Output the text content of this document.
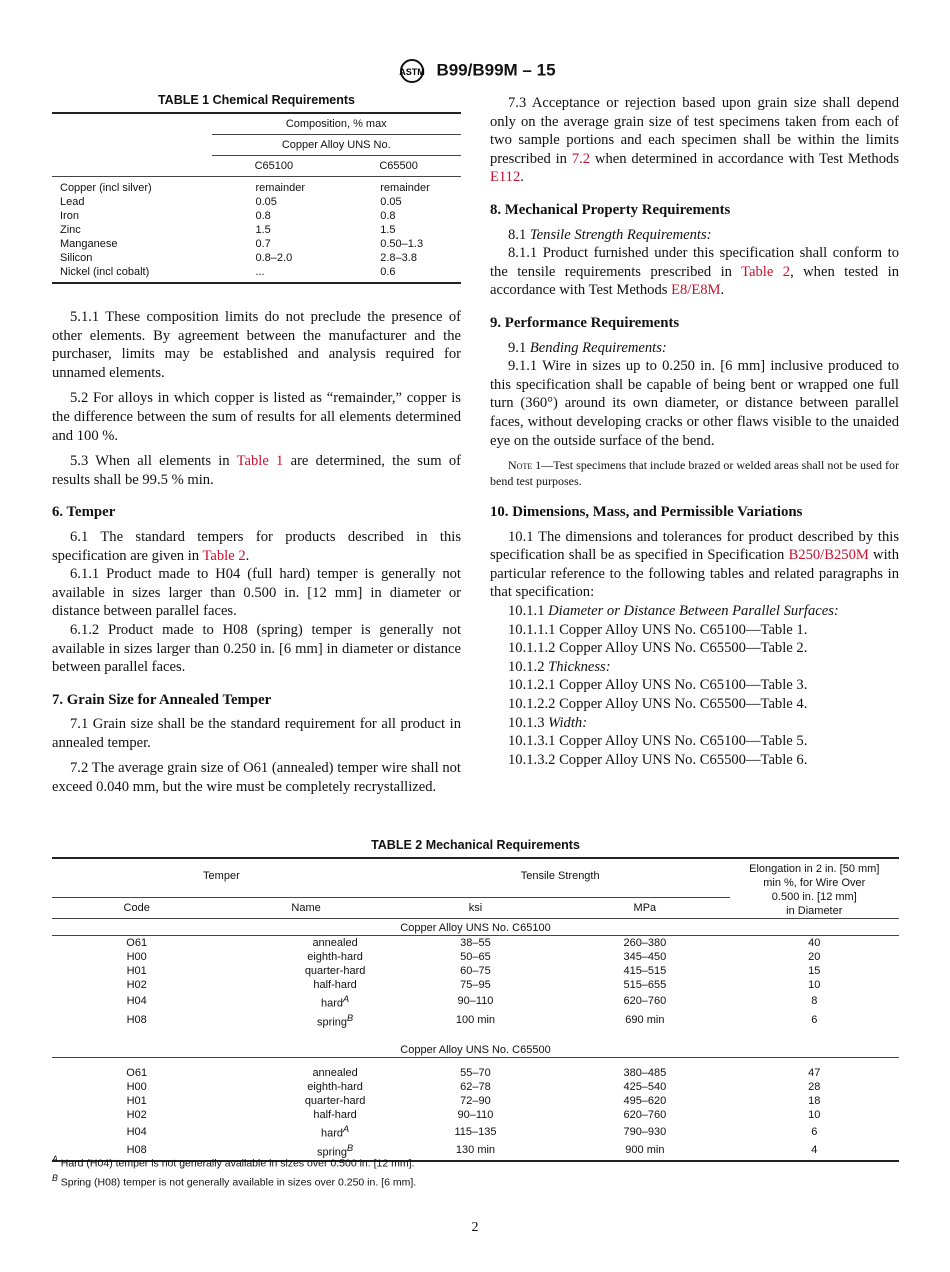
ASTM B99/B99M – 15
TABLE 1 Chemical Requirements
	Composition, % max	
	Copper Alloy UNS No.	
	C65100	C65500
Copper (incl silver)	remainder	remainder
Lead	0.05	0.05
Iron	0.8	0.8
Zinc	1.5	1.5
Manganese	0.7	0.50–1.3
Silicon	0.8–2.0	2.8–3.8
Nickel (incl cobalt)	...	0.6

5.1.1 These composition limits do not preclude the presence of other elements. By agreement between the manufacturer and the purchaser, limits may be established and analysis required for unnamed elements.

5.2 For alloys in which copper is listed as “remainder,” copper is the difference between the sum of results for all elements determined and 100 %.

5.3 When all elements in Table 1 are determined, the sum of results shall be 99.5 % min.

6. Temper

6.1 The standard tempers for products described in this specification are given in Table 2.

6.1.1 Product made to H04 (full hard) temper is generally not available in sizes larger than 0.500 in. [12 mm] in diameter or distance between parallel faces.

6.1.2 Product made to H08 (spring) temper is generally not available in sizes larger than 0.250 in. [6 mm] in diameter or distance between parallel faces.

7. Grain Size for Annealed Temper

7.1 Grain size shall be the standard requirement for all product in annealed temper.

7.2 The average grain size of O61 (annealed) temper wire shall not exceed 0.040 mm, but the wire must be completely recrystallized.

7.3 Acceptance or rejection based upon grain size shall depend only on the average grain size of test specimens taken from each of two sample portions and each specimen shall be within the limits prescribed in 7.2 when determined in accordance with Test Methods E112.

8. Mechanical Property Requirements

8.1 Tensile Strength Requirements:

8.1.1 Product furnished under this specification shall conform to the tensile requirements prescribed in Table 2, when tested in accordance with Test Methods E8/E8M.

9. Performance Requirements

9.1 Bending Requirements:

9.1.1 Wire in sizes up to 0.250 in. [6 mm] inclusive produced to this specification shall be capable of being bent or wrapped one full turn (360°) around its own diameter, or distance between parallel faces, without developing cracks or other flaws visible to the unaided eye on the outside surface of the bend.

Note 1—Test specimens that include brazed or welded areas shall not be used for bend test purposes.
10. Dimensions, Mass, and Permissible Variations

10.1 The dimensions and tolerances for product described by this specification shall be as specified in Specification B250/B250M with particular reference to the following tables and related paragraphs in that specification:

10.1.1 Diameter or Distance Between Parallel Surfaces:
10.1.1.1 Copper Alloy UNS No. C65100—Table 1.
10.1.1.2 Copper Alloy UNS No. C65500—Table 2.
10.1.2 Thickness:
10.1.2.1 Copper Alloy UNS No. C65100—Table 3.
10.1.2.2 Copper Alloy UNS No. C65500—Table 4.
10.1.3 Width:
10.1.3.1 Copper Alloy UNS No. C65100—Table 5.
10.1.3.2 Copper Alloy UNS No. C65500—Table 6.
TABLE 2 Mechanical Requirements
Temper		Tensile Strength		Elongation in 2 in. [50 mm]
min %, for Wire Over
0.500 in. [12 mm]
in Diameter
Code	Name	ksi	MPa	
Copper Alloy UNS No. C65100				
O61	annealed	38–55	260–380	40
H00	eighth-hard	50–65	345–450	20
H01	quarter-hard	60–75	415–515	15
H02	half-hard	75–95	515–655	10
H04	hard$^A$	90–110	620–760	8
H08	spring$^B$	100 min	690 min	6
Copper Alloy UNS No. C65500				

O61	annealed	55–70	380–485	47
H00	eighth-hard	62–78	425–540	28
H01	quarter-hard	72–90	495–620	18
H02	half-hard	90–110	620–760	10
H04	hard$^A$	115–135	790–930	6
H08	spring$^B$	130 min	900 min	4
$^A$ Hard (H04) temper is not generally available in sizes over 0.500 in. [12 mm].
$^B$ Spring (H08) temper is not generally available in sizes over 0.250 in. [6 mm].
2
